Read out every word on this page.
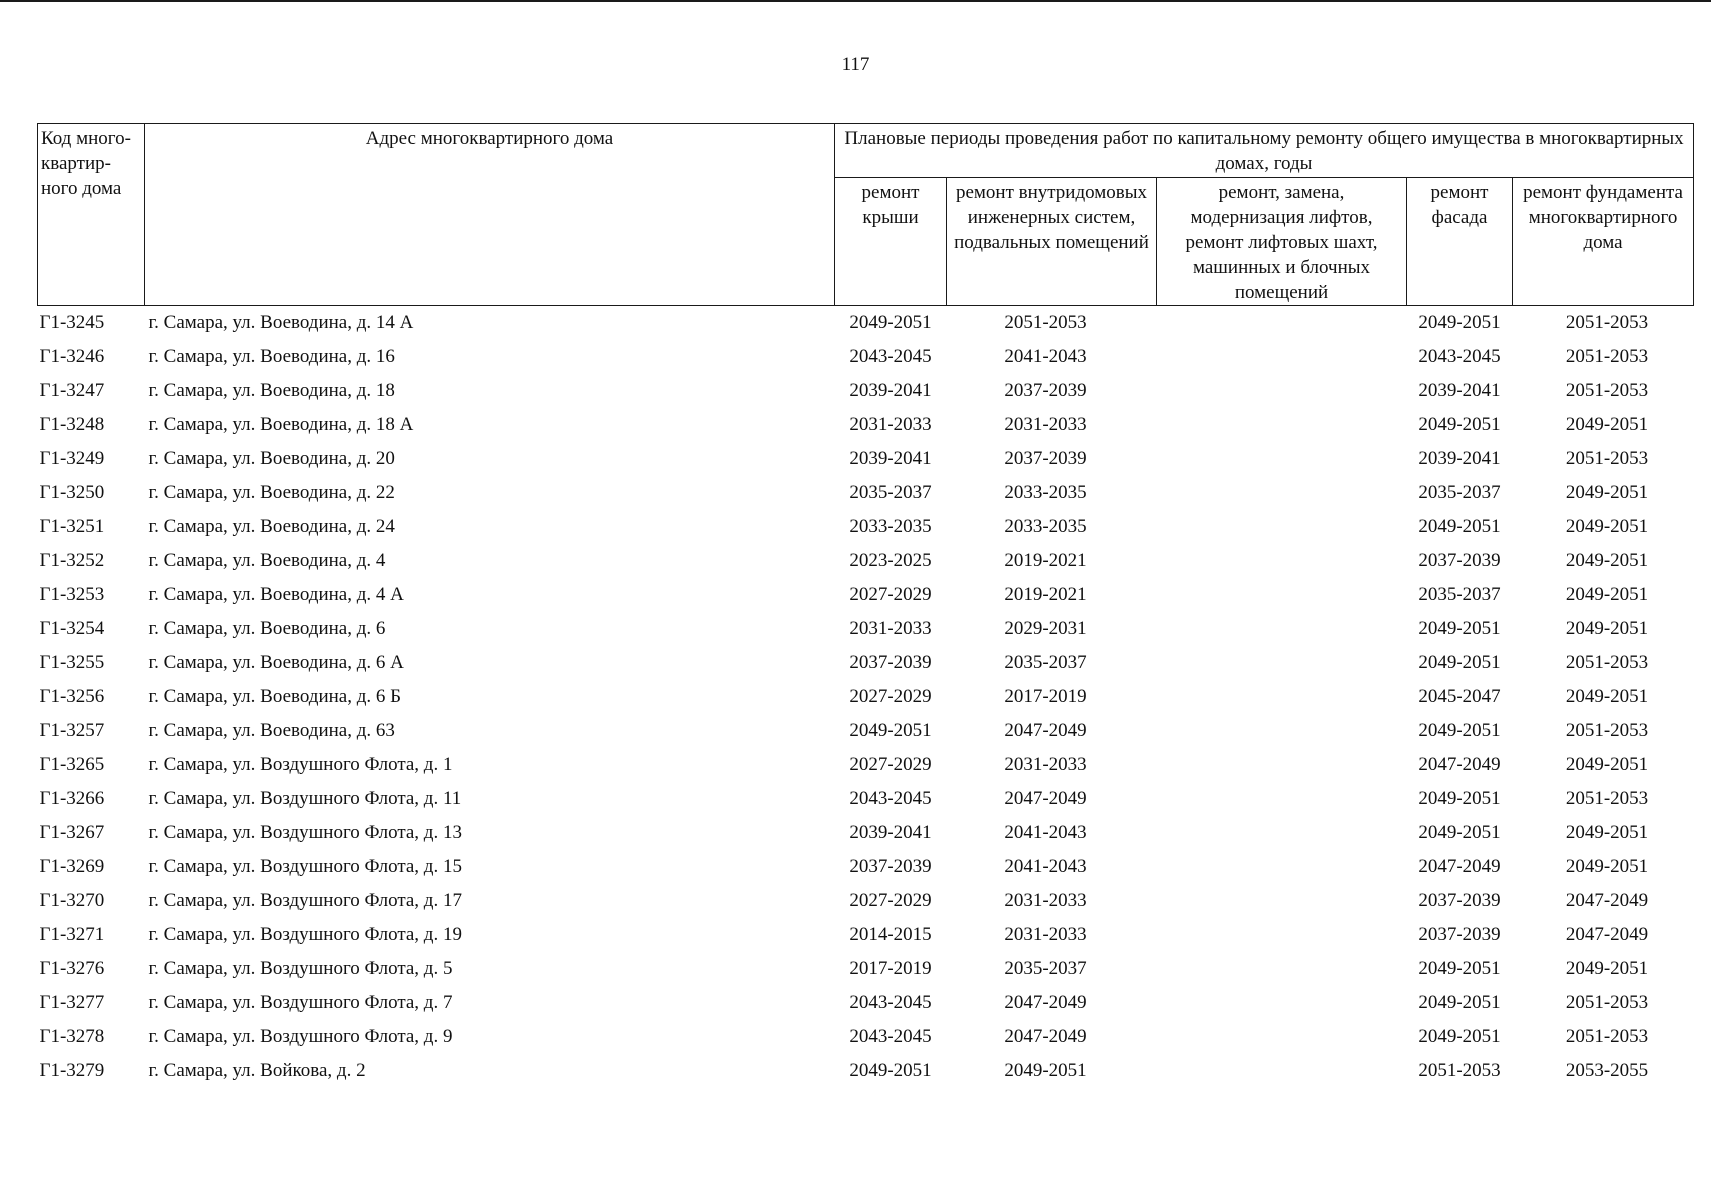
117
Код много-квартир-ного дома	Адрес многоквартирного дома	Плановые периоды проведения работ по капитальному ремонту общего имущества в многоквартирных домах, годы				
		ремонт крыши	ремонт внутридомовых инженерных систем, подвальных помещений	ремонт, замена, модернизация лифтов, ремонт лифтовых шахт, машинных и блочных помещений	ремонт фасада	ремонт фундамента многоквартирного дома
Г1-3245	г. Самара, ул. Воеводина, д. 14 А	2049-2051	2051-2053		2049-2051	2051-2053
Г1-3246	г. Самара, ул. Воеводина, д. 16	2043-2045	2041-2043		2043-2045	2051-2053
Г1-3247	г. Самара, ул. Воеводина, д. 18	2039-2041	2037-2039		2039-2041	2051-2053
Г1-3248	г. Самара, ул. Воеводина, д. 18 А	2031-2033	2031-2033		2049-2051	2049-2051
Г1-3249	г. Самара, ул. Воеводина, д. 20	2039-2041	2037-2039		2039-2041	2051-2053
Г1-3250	г. Самара, ул. Воеводина, д. 22	2035-2037	2033-2035		2035-2037	2049-2051
Г1-3251	г. Самара, ул. Воеводина, д. 24	2033-2035	2033-2035		2049-2051	2049-2051
Г1-3252	г. Самара, ул. Воеводина, д. 4	2023-2025	2019-2021		2037-2039	2049-2051
Г1-3253	г. Самара, ул. Воеводина, д. 4 А	2027-2029	2019-2021		2035-2037	2049-2051
Г1-3254	г. Самара, ул. Воеводина, д. 6	2031-2033	2029-2031		2049-2051	2049-2051
Г1-3255	г. Самара, ул. Воеводина, д. 6 А	2037-2039	2035-2037		2049-2051	2051-2053
Г1-3256	г. Самара, ул. Воеводина, д. 6 Б	2027-2029	2017-2019		2045-2047	2049-2051
Г1-3257	г. Самара, ул. Воеводина, д. 63	2049-2051	2047-2049		2049-2051	2051-2053
Г1-3265	г. Самара, ул. Воздушного Флота, д. 1	2027-2029	2031-2033		2047-2049	2049-2051
Г1-3266	г. Самара, ул. Воздушного Флота, д. 11	2043-2045	2047-2049		2049-2051	2051-2053
Г1-3267	г. Самара, ул. Воздушного Флота, д. 13	2039-2041	2041-2043		2049-2051	2049-2051
Г1-3269	г. Самара, ул. Воздушного Флота, д. 15	2037-2039	2041-2043		2047-2049	2049-2051
Г1-3270	г. Самара, ул. Воздушного Флота, д. 17	2027-2029	2031-2033		2037-2039	2047-2049
Г1-3271	г. Самара, ул. Воздушного Флота, д. 19	2014-2015	2031-2033		2037-2039	2047-2049
Г1-3276	г. Самара, ул. Воздушного Флота, д. 5	2017-2019	2035-2037		2049-2051	2049-2051
Г1-3277	г. Самара, ул. Воздушного Флота, д. 7	2043-2045	2047-2049		2049-2051	2051-2053
Г1-3278	г. Самара, ул. Воздушного Флота, д. 9	2043-2045	2047-2049		2049-2051	2051-2053
Г1-3279	г. Самара, ул. Войкова, д. 2	2049-2051	2049-2051		2051-2053	2053-2055
